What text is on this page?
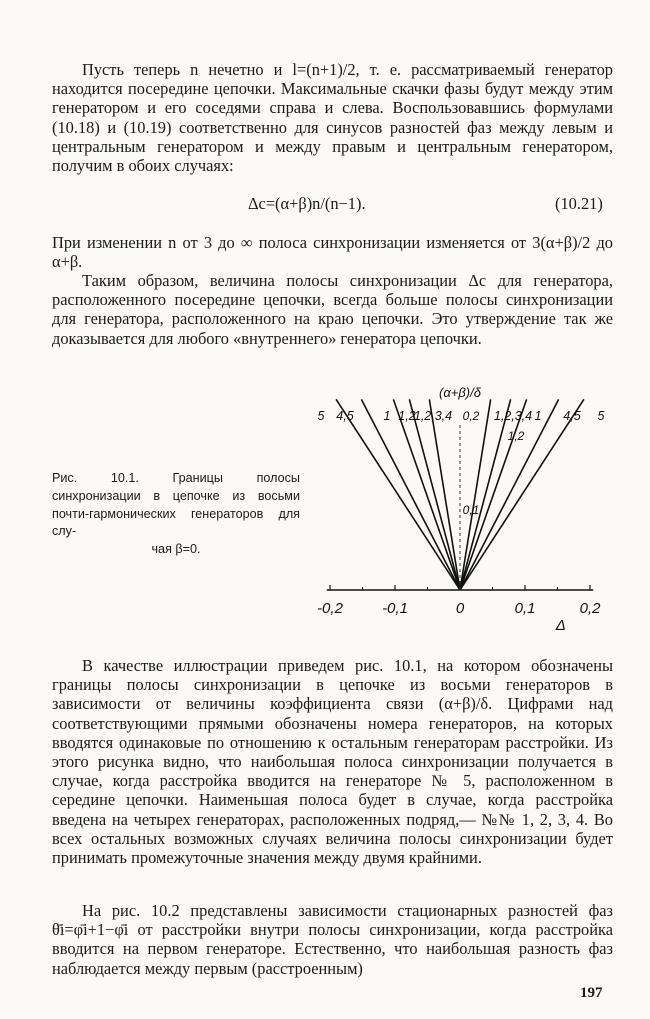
Пусть теперь n нечетно и l=(n+1)/2, т. е. рассматриваемый генератор находится посередине цепочки. Максимальные скачки фазы будут между этим генератором и его соседями справа и слева. Воспользовавшись формулами (10.18) и (10.19) соответственно для синусов разностей фаз между левым и центральным генератором и между правым и центральным генератором, получим в обоих случаях:

Δc=(α+β)n/(n−1).	(10.21)

При изменении n от 3 до ∞ полоса синхронизации изменяется от 3(α+β)/2 до α+β.

Таким образом, величина полосы синхронизации Δc для генератора, расположенного посередине цепочки, всегда больше полосы синхронизации для генератора, расположенного на краю цепочки. Это утверждение так же доказывается для любого «внутреннего» генератора цепочки.

Рис. 10.1. Границы полосы синхронизации в цепочке из восьми почти-гармонических генераторов для слу-
чая β=0.
-0,2	-0,1	0	0,1	0,2
Δ
(α+β)/δ
5 4,5 1 1,2
1,2,3,4 0,2 1,2,3,4 1 4,5 5
1,2
0,1

В качестве иллюстрации приведем рис. 10.1, на котором обозначены границы полосы синхронизации в цепочке из восьми генераторов в зависимости от величины коэффициента связи (α+β)/δ. Цифрами над соответствующими прямыми обозначены номера генераторов, на которых вводятся одинаковые по отношению к остальным генераторам расстройки. Из этого рисунка видно, что наибольшая полоса синхронизации получается в случае, когда расстройка вводится на генераторе № 5, расположенном в середине цепочки. Наименьшая полоса будет в случае, когда расстройка введена на четырех генераторах, расположенных подряд,— №№ 1, 2, 3, 4. Во всех остальных возможных случаях величина полосы синхронизации будет принимать промежуточные значения между двумя крайними.

На рис. 10.2 представлены зависимости стационарных разностей фаз θ̄i=φ̄i+1−φ̄i от расстройки внутри полосы синхронизации, когда расстройка вводится на первом генераторе. Естественно, что наибольшая разность фаз наблюдается между первым (расстроенным)

197
